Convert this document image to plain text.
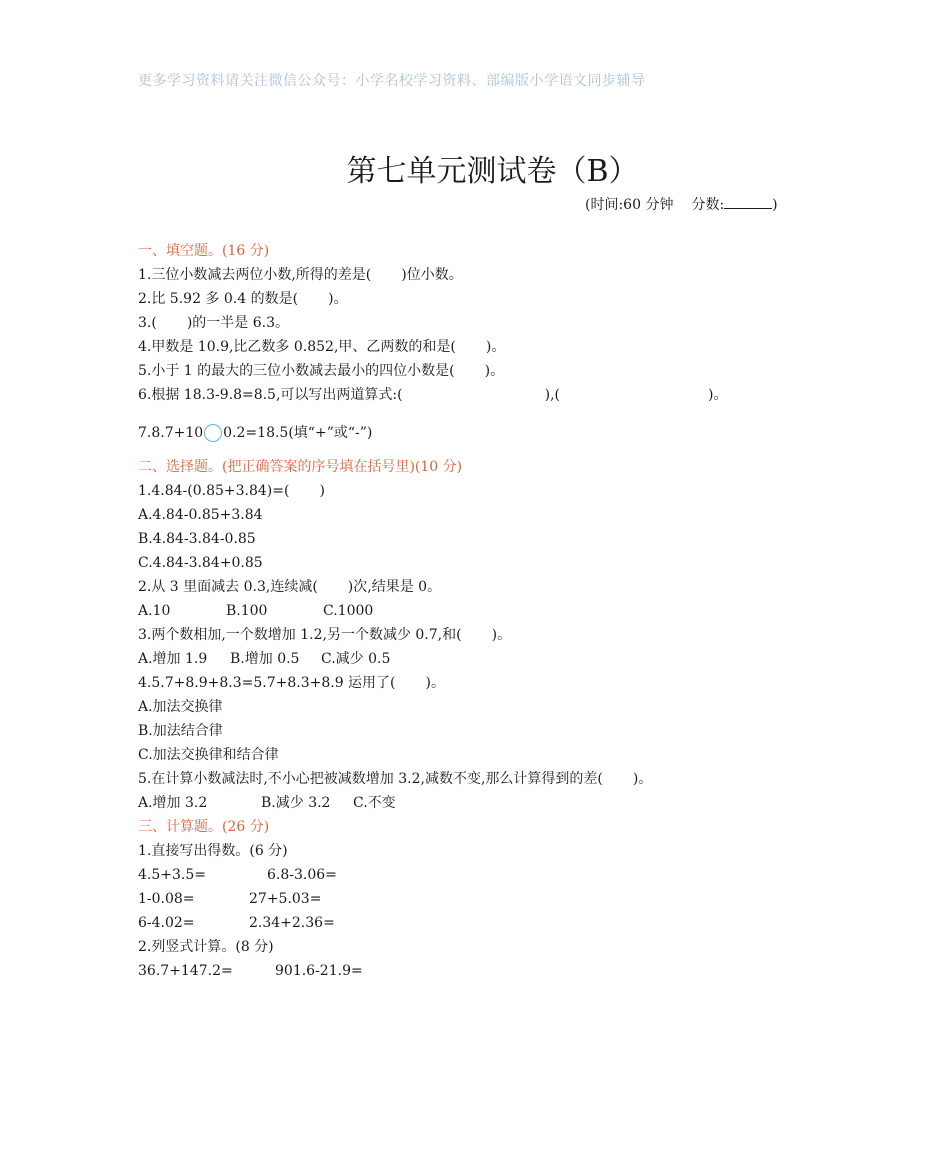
更多学习资料请关注微信公众号：小学名校学习资料、部编版小学语文同步辅导
第七单元测试卷（B）
(时间:60 分钟 分数:	)
一、填空题。(16 分)
1.三位小数减去两位小数,所得的差是( )位小数。
2.比 5.92 多 0.4 的数是( )。
3.( )的一半是 6.3。
4.甲数是 10.9,比乙数多 0.852,甲、乙两数的和是( )。
5.小于 1 的最大的三位小数减去最小的四位小数是( )。
6.根据 18.3-9.8=8.5,可以写出两道算式:(	),(	)。
7.8.7+10 0.2=18.5(填“+”或“-”)
二、选择题。(把正确答案的序号填在括号里)(10 分)
1.4.84-(0.85+3.84)=( )
A.4.84-0.85+3.84
B.4.84-3.84-0.85
C.4.84-3.84+0.85
2.从 3 里面减去 0.3,连续减( )次,结果是 0。
A.10	B.100	C.1000
3.两个数相加,一个数增加 1.2,另一个数减少 0.7,和( )。
A.增加 1.9 B.增加 0.5 C.减少 0.5
4.5.7+8.9+8.3=5.7+8.3+8.9 运用了( )。
A.加法交换律
B.加法结合律
C.加法交换律和结合律
5.在计算小数减法时,不小心把被减数增加 3.2,减数不变,那么计算得到的差( )。
A.增加 3.2	B.减少 3.2 C.不变
三、计算题。(26 分)
1.直接写出得数。(6 分)
4.5+3.5=	6.8-3.06=
1-0.08=	27+5.03=
6-4.02=	2.34+2.36=
2.列竖式计算。(8 分)
36.7+147.2=	901.6-21.9=
